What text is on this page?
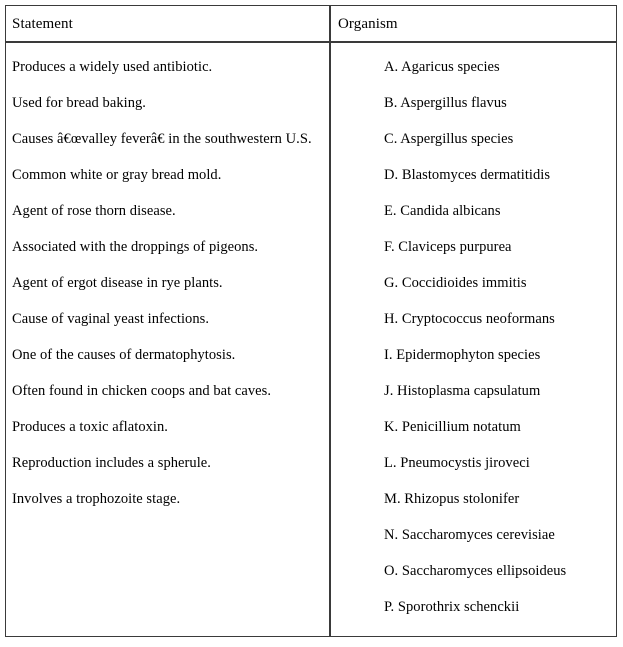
Statement	Organism
Produces a widely used antibiotic.
Used for bread baking.
Causes â€œvalley feverâ€ in the southwestern U.S.
Common white or gray bread mold.
Agent of rose thorn disease.
Associated with the droppings of pigeons.
Agent of ergot disease in rye plants.
Cause of vaginal yeast infections.
One of the causes of dermatophytosis.
Often found in chicken coops and bat caves.
Produces a toxic aflatoxin.
Reproduction includes a spherule.
Involves a trophozoite stage.
A. Agaricus species
B. Aspergillus flavus
C. Aspergillus species
D. Blastomyces dermatitidis
E. Candida albicans
F. Claviceps purpurea
G. Coccidioides immitis
H. Cryptococcus neoformans
I. Epidermophyton species
J. Histoplasma capsulatum
K. Penicillium notatum
L. Pneumocystis jiroveci
M. Rhizopus stolonifer
N. Saccharomyces cerevisiae
O. Saccharomyces ellipsoideus
P. Sporothrix schenckii
